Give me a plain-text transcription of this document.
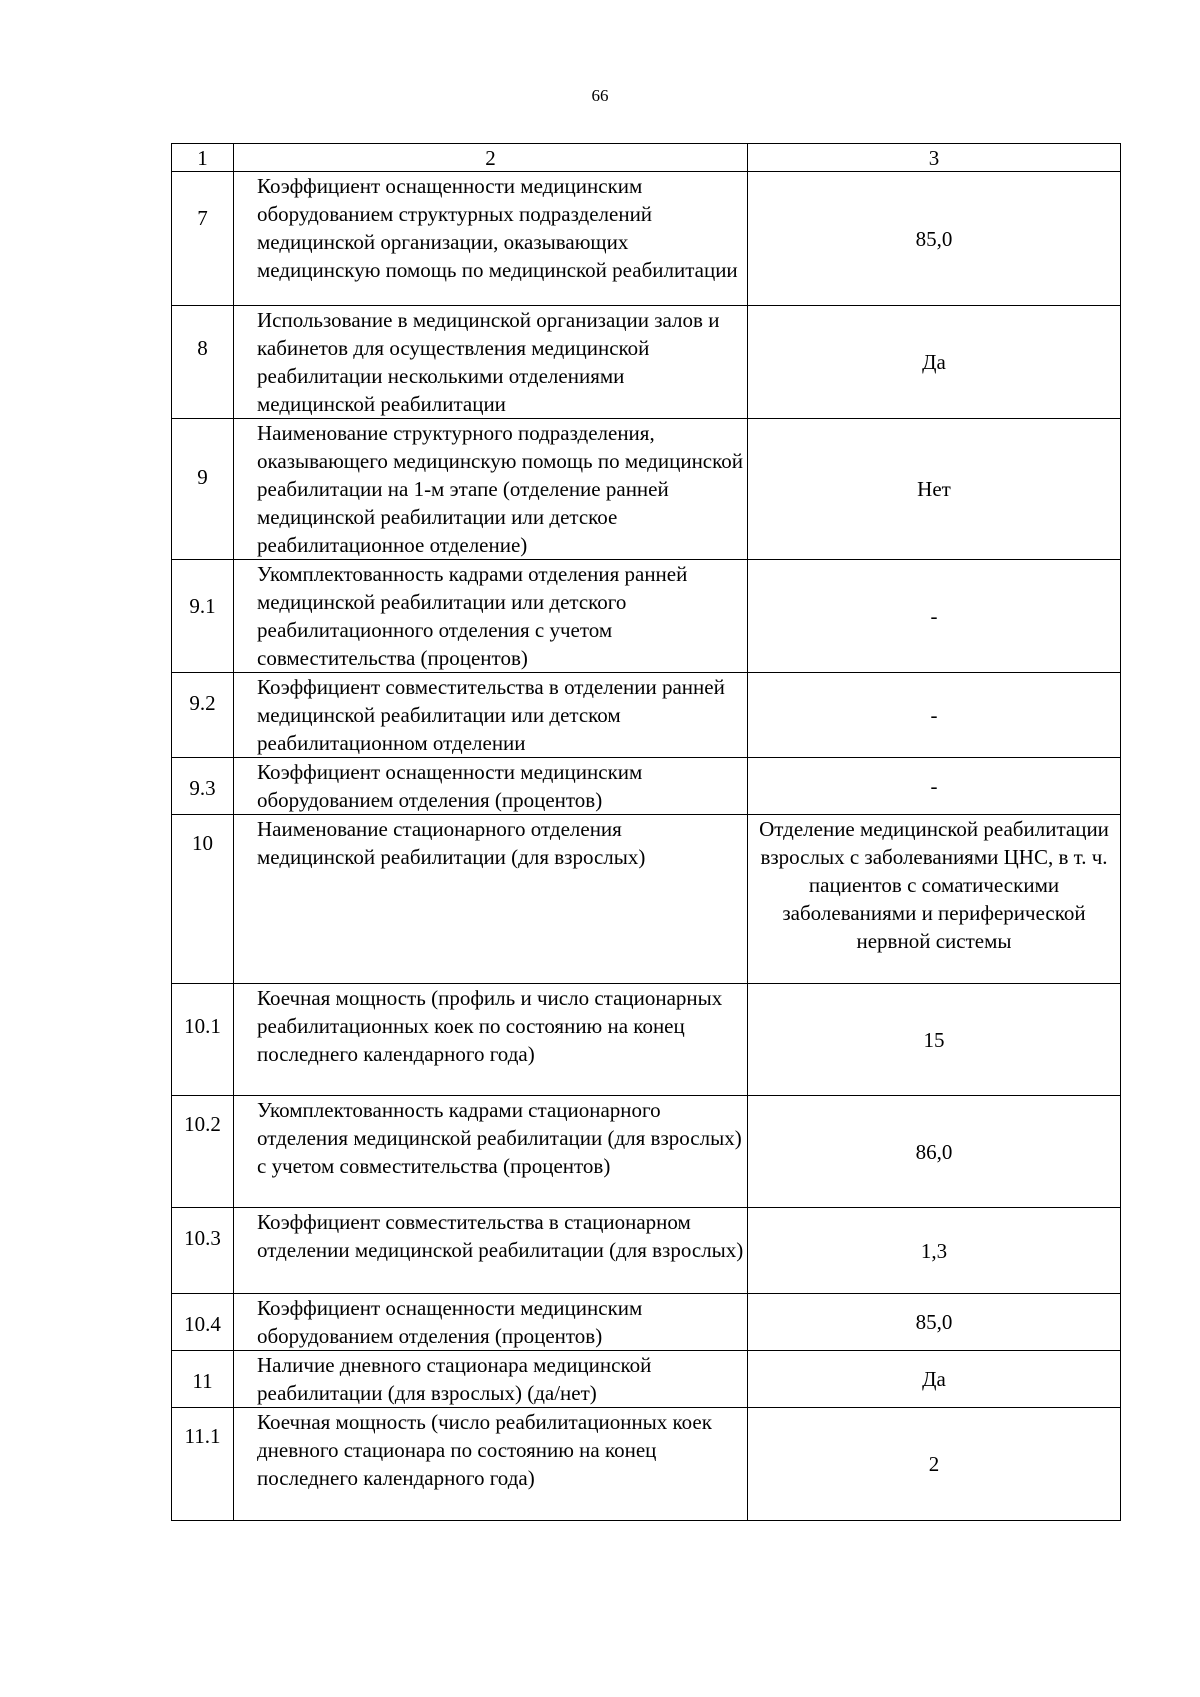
66
1	2	3
7	Коэффициент оснащенности медицинским оборудованием структурных подразделений медицинской организации, оказывающих медицинскую помощь по медицинской реабилитации	85,0
8	Использование в медицинской организации залов и кабинетов для осуществления медицинской реабилитации несколькими отделениями медицинской реабилитации	Да
9	Наименование структурного подразделения, оказывающего медицинскую помощь по медицинской реабилитации на 1-м этапе (отделение ранней медицинской реабилитации или детское реабилитационное отделение)	Нет
9.1	Укомплектованность кадрами отделения ранней медицинской реабилитации или детского реабилитационного отделения с учетом совместительства (процентов)	-
9.2	Коэффициент совместительства в отделении ранней медицинской реабилитации или детском реабилитационном отделении	-
9.3	Коэффициент оснащенности медицинским оборудованием отделения (процентов)	-
10	Наименование стационарного отделения медицинской реабилитации (для взрослых)	Отделение медицинской реабилитации взрослых с заболеваниями ЦНС, в т. ч. пациентов с соматическими заболеваниями и периферической нервной системы
10.1	Коечная мощность (профиль и число стационарных реабилитационных коек по состоянию на конец последнего календарного года)	15
10.2	Укомплектованность кадрами стационарного отделения медицинской реабилитации (для взрослых) с учетом совместительства (процентов)	86,0
10.3	Коэффициент совместительства в стационарном отделении медицинской реабилитации (для взрослых)	1,3
10.4	Коэффициент оснащенности медицинским оборудованием отделения (процентов)	85,0
11	Наличие дневного стационара медицинской реабилитации (для взрослых) (да/нет)	Да
11.1	Коечная мощность (число реабилитационных коек дневного стационара по состоянию на конец последнего календарного года)	2
